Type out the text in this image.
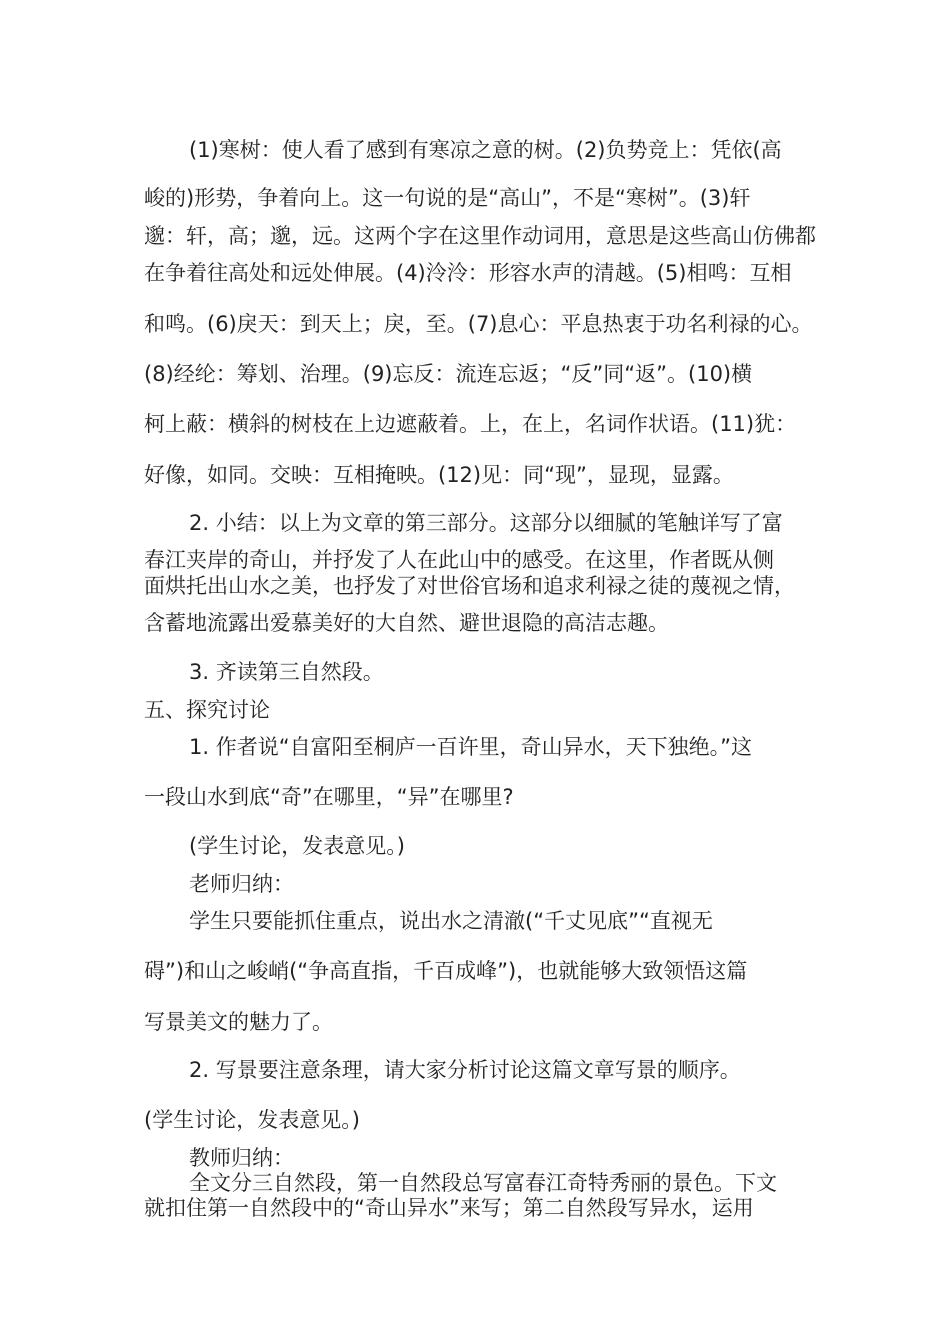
(1)寒树：使人看了感到有寒凉之意的树。(2)负势竞上：凭依(高
峻的)形势，争着向上。这一句说的是“高山”，不是“寒树”。(3)轩
邈：轩，高；邈，远。这两个字在这里作动词用，意思是这些高山仿佛都
在争着往高处和远处伸展。(4)泠泠：形容水声的清越。(5)相鸣：互相
和鸣。(6)戾天：到天上；戾，至。(7)息心：平息热衷于功名利禄的心。
(8)经纶：筹划、治理。(9)忘反：流连忘返；“反”同“返”。(10)横
柯上蔽：横斜的树枝在上边遮蔽着。上，在上，名词作状语。(11)犹：
好像，如同。交映：互相掩映。(12)见：同“现”，显现，显露。
2. 小结：以上为文章的第三部分。这部分以细腻的笔触详写了富
春江夹岸的奇山，并抒发了人在此山中的感受。在这里，作者既从侧
面烘托出山水之美，也抒发了对世俗官场和追求利禄之徒的蔑视之情，
含蓄地流露出爱慕美好的大自然、避世退隐的高洁志趣。
3. 齐读第三自然段。
五、探究讨论
1. 作者说“自富阳至桐庐一百许里，奇山异水，天下独绝。”这
一段山水到底“奇”在哪里，“异”在哪里?
(学生讨论，发表意见。)
老师归纳：
学生只要能抓住重点，说出水之清澈(“千丈见底”“直视无
碍”)和山之峻峭(“争高直指，千百成峰”)，也就能够大致领悟这篇
写景美文的魅力了。
2. 写景要注意条理，请大家分析讨论这篇文章写景的顺序。
(学生讨论，发表意见。)
教师归纳：
全文分三自然段，第一自然段总写富春江奇特秀丽的景色。下文
就扣住第一自然段中的“奇山异水”来写；第二自然段写异水，运用
